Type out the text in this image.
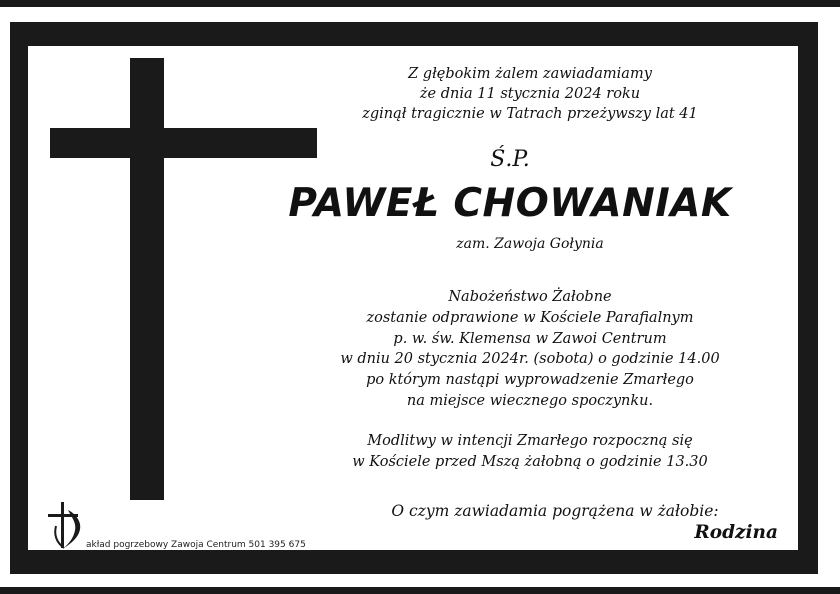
Z głębokim żalem zawiadamiamy
że dnia 11 stycznia 2024 roku
zginął tragicznie w Tatrach przeżywszy lat 41
Ś.P.
PAWEŁ CHOWANIAK
zam. Zawoja Gołynia
Nabożeństwo Żałobne
zostanie odprawione w Kościele Parafialnym
p. w. św. Klemensa w Zawoi Centrum
w dniu 20 stycznia 2024r. (sobota) o godzinie 14.00
po którym nastąpi wyprowadzenie Zmarłego
na miejsce wiecznego spoczynku.
Modlitwy w intencji Zmarłego rozpoczną się
w Kościele przed Mszą żałobną o godzinie 13.30
O czym zawiadamia pogrążena w żałobie:
Rodzina
akład pogrzebowy Zawoja Centrum 501 395 675
